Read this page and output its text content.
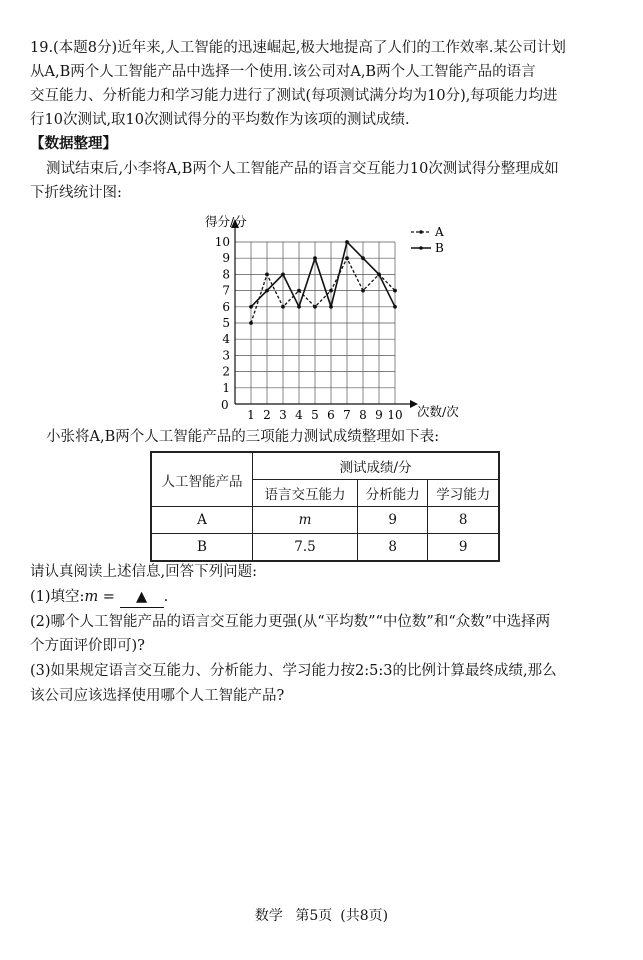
19.(本题8分)近年来,人工智能的迅速崛起,极大地提高了人们的工作效率.某公司计划
从A,B两个人工智能产品中选择一个使用.该公司对A,B两个人工智能产品的语言
交互能力、分析能力和学习能力进行了测试(每项测试满分均为10分),每项能力均进
行10次测试,取10次测试得分的平均数作为该项的测试成绩.
【数据整理】
测试结束后,小李将A,B两个人工智能产品的语言交互能力10次测试得分整理成如
下折线统计图:
得分/分
次数/次
0
1
2
3
4
5
6
7
8
9
10
1 2 3 4 5 6 7 8 9 10
A
B
小张将A,B两个人工智能产品的三项能力测试成绩整理如下表:
人工智能产品	测试成绩/分		
	语言交互能力	分析能力	学习能力
A	m	9	8
B	7.5	8	9
请认真阅读上述信息,回答下列问题:
(1)填空:m = ▲ .
(2)哪个人工智能产品的语言交互能力更强(从“平均数”“中位数”和“众数”中选择两
个方面评价即可)?
(3)如果规定语言交互能力、分析能力、学习能力按2:5:3的比例计算最终成绩,那么
该公司应该选择使用哪个人工智能产品?
数学 第5页 (共8页)
